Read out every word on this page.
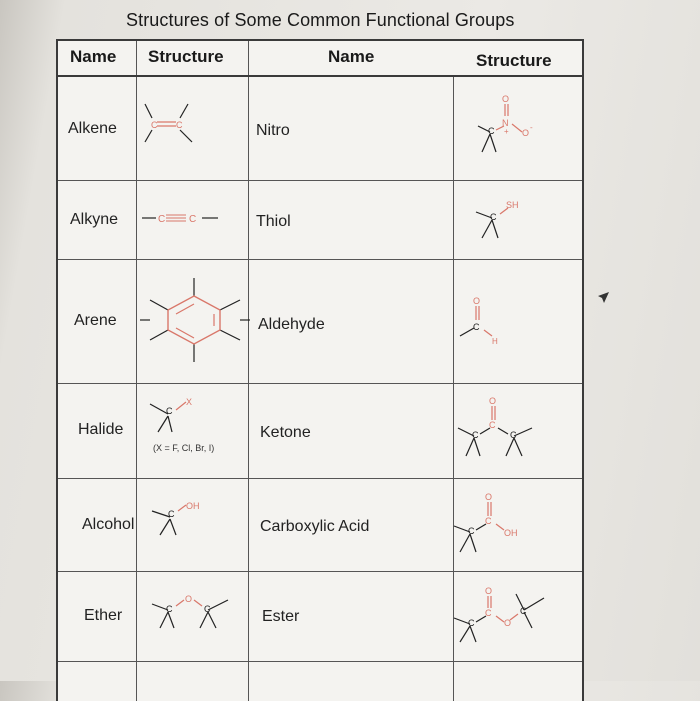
Structures of Some Common Functional Groups
Name Structure	Name	Structure
Alkene
Alkyne
Arene
Halide
Alcohol
Ether
Nitro
Thiol
Aldehyde
Ketone
Carboxylic Acid
Ester
(X = F, Cl, Br, I)
C C
C C
C
X
C
OH
C
O
C
C
O
N
+ O
-
C
SH
O
C
H
O
C
C
C
O
C
C
OH
O
C
C
O
C
